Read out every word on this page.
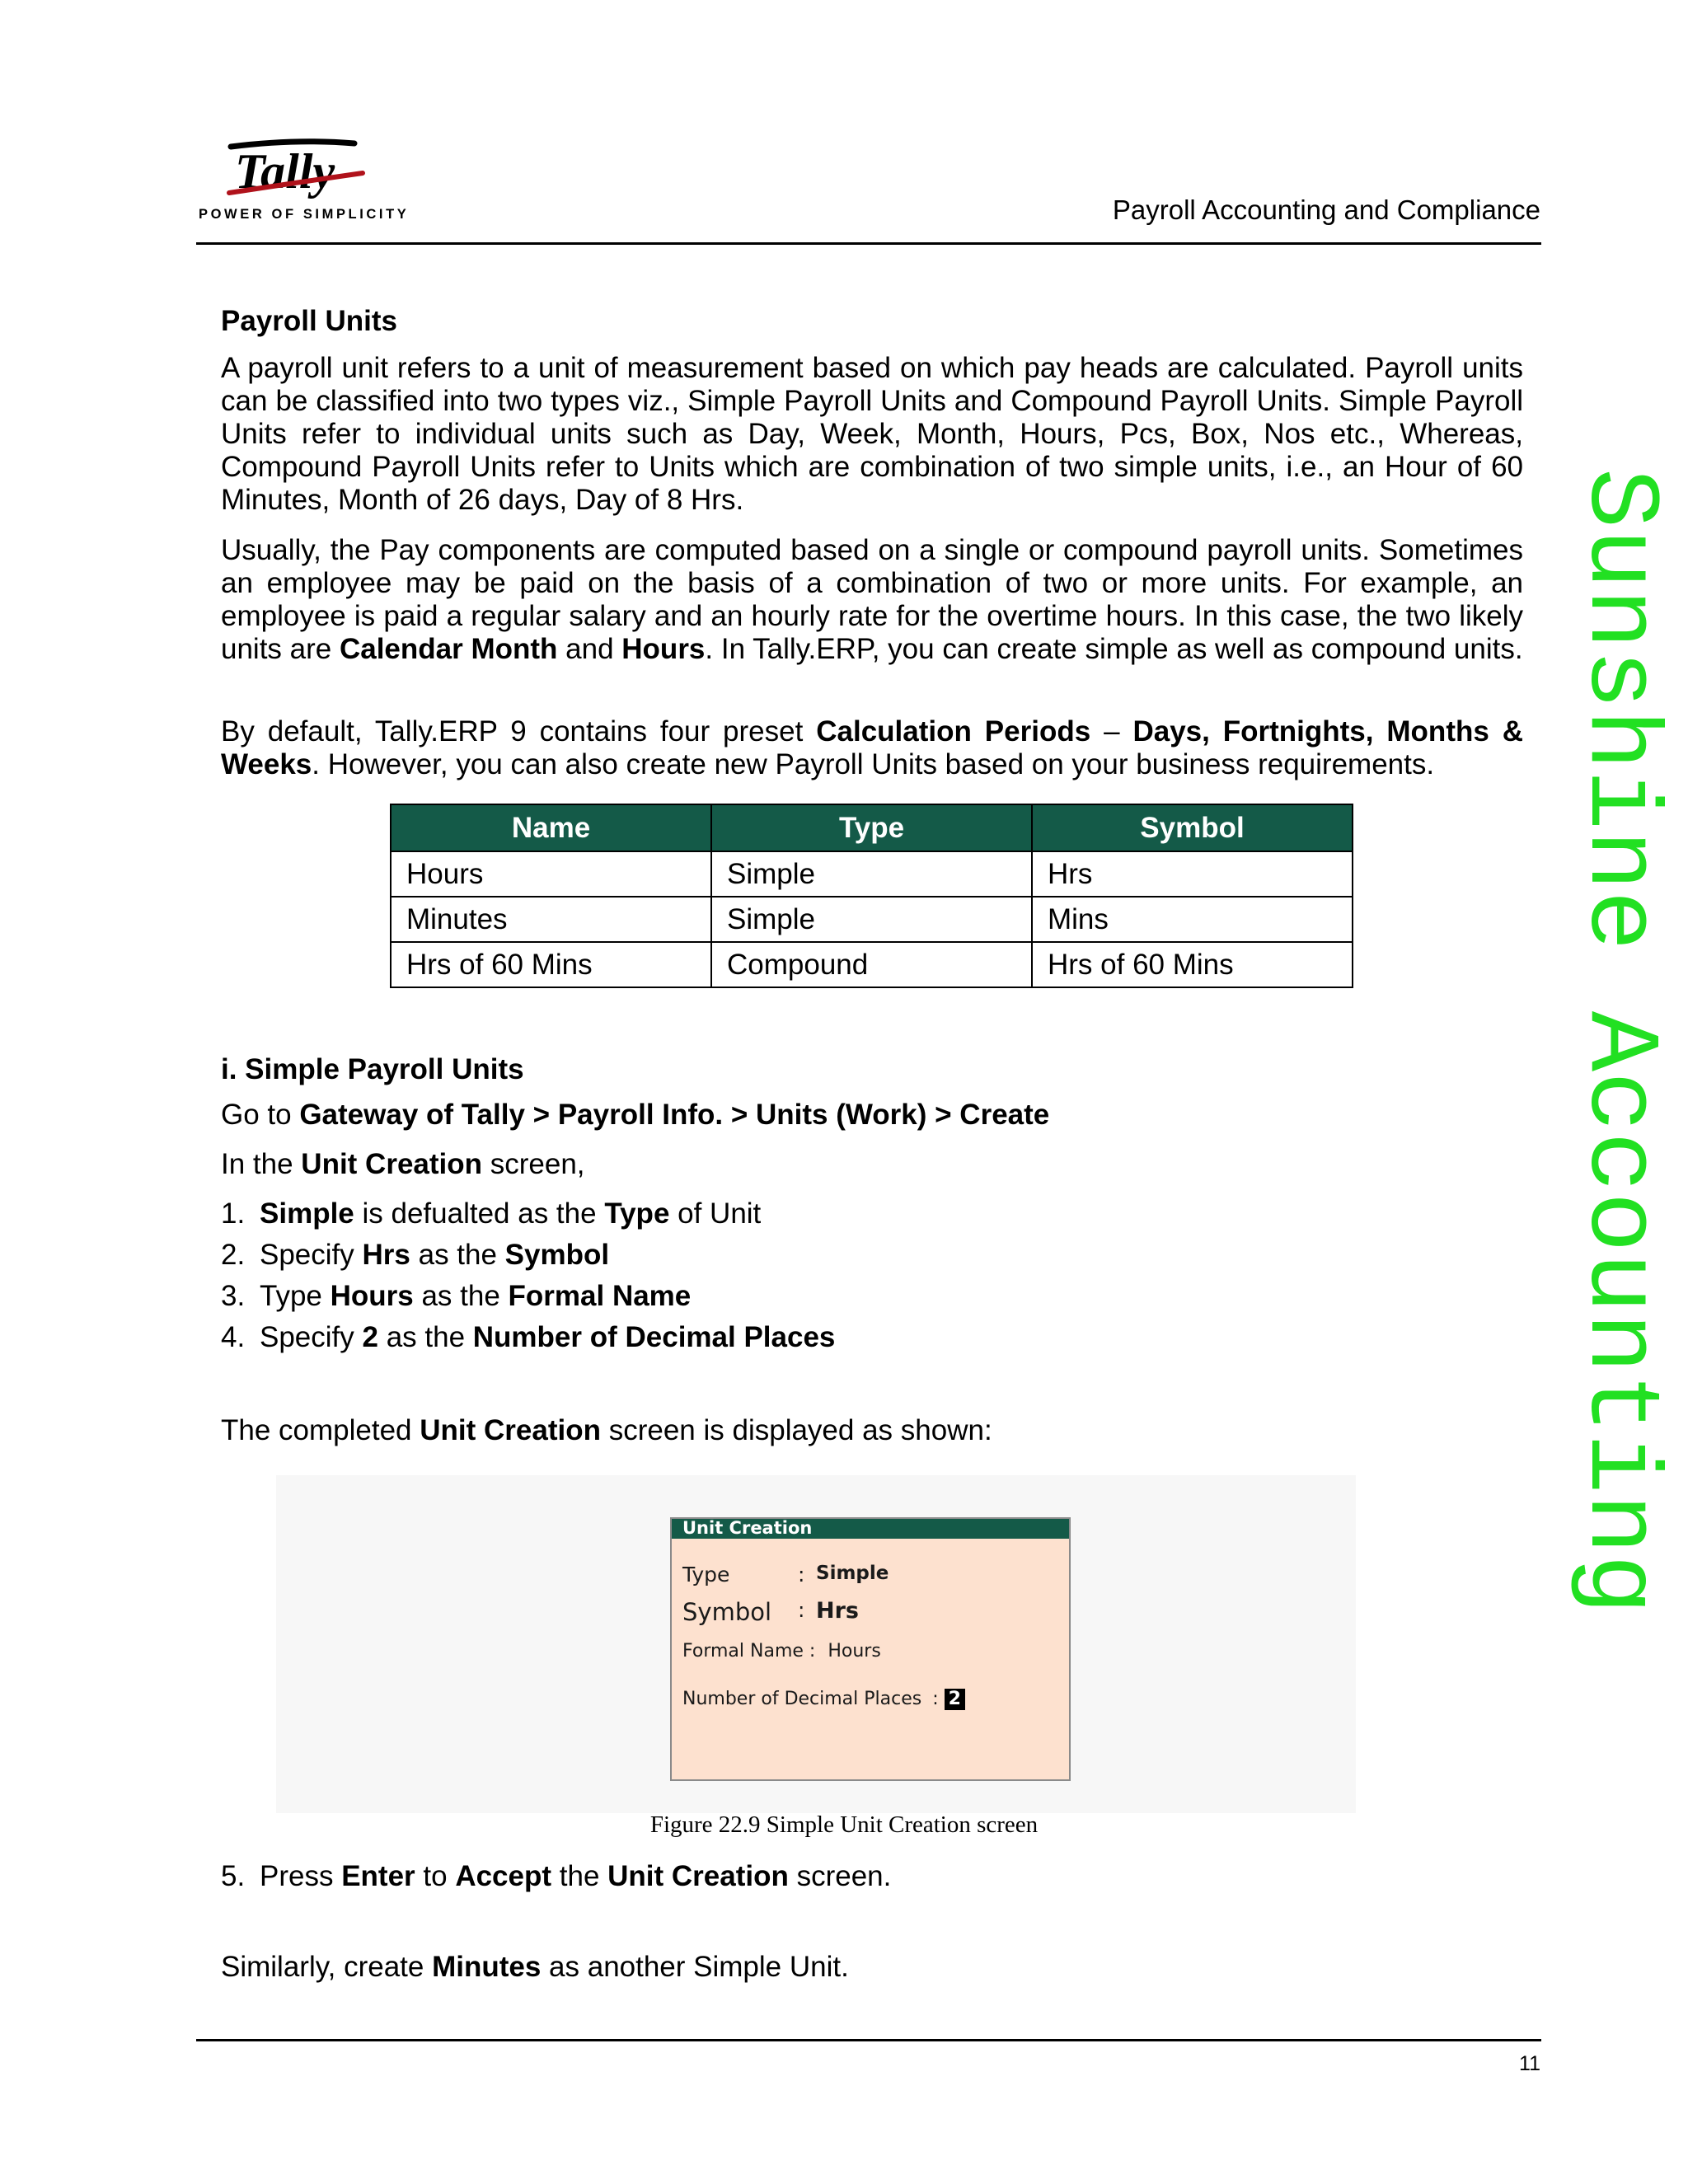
Tally
POWER OF SIMPLICITY	Payroll Accounting and Compliance
Sunshine Accounting
Payroll Units
A payroll unit refers to a unit of measurement based on which pay heads are calculated. Payroll units can be classified into two types viz., Simple Payroll Units and Compound Payroll Units. Simple Payroll Units refer to individual units such as Day, Week, Month, Hours, Pcs, Box, Nos etc., Whereas, Compound Payroll Units refer to Units which are combination of two simple units, i.e., an Hour of 60 Minutes, Month of 26 days, Day of 8 Hrs.
Usually, the Pay components are computed based on a single or compound payroll units. Sometimes an employee may be paid on the basis of a combination of two or more units. For example, an employee is paid a regular salary and an hourly rate for the overtime hours. In this case, the two likely units are Calendar Month and Hours. In Tally.ERP, you can create simple as well as compound units.
By default, Tally.ERP 9 contains four preset Calculation Periods – Days, Fortnights, Months & Weeks. However, you can also create new Payroll Units based on your business requirements.
Name	Type	Symbol
Hours	Simple	Hrs
Minutes	Simple	Mins
Hrs of 60 Mins	Compound	Hrs of 60 Mins
i. Simple Payroll Units
Go to Gateway of Tally > Payroll Info. > Units (Work) > Create
In the Unit Creation screen,
1. Simple is defualted as the Type of Unit
2. Specify Hrs as the Symbol
3. Type Hours as the Formal Name
4. Specify 2 as the Number of Decimal Places
The completed Unit Creation screen is displayed as shown:
Unit Creation
Type	: Simple
Symbol : Hrs
Formal Name : Hours
Number of Decimal Places : 2
Figure 22.9 Simple Unit Creation screen
5. Press Enter to Accept the Unit Creation screen.
Similarly, create Minutes as another Simple Unit.
11
